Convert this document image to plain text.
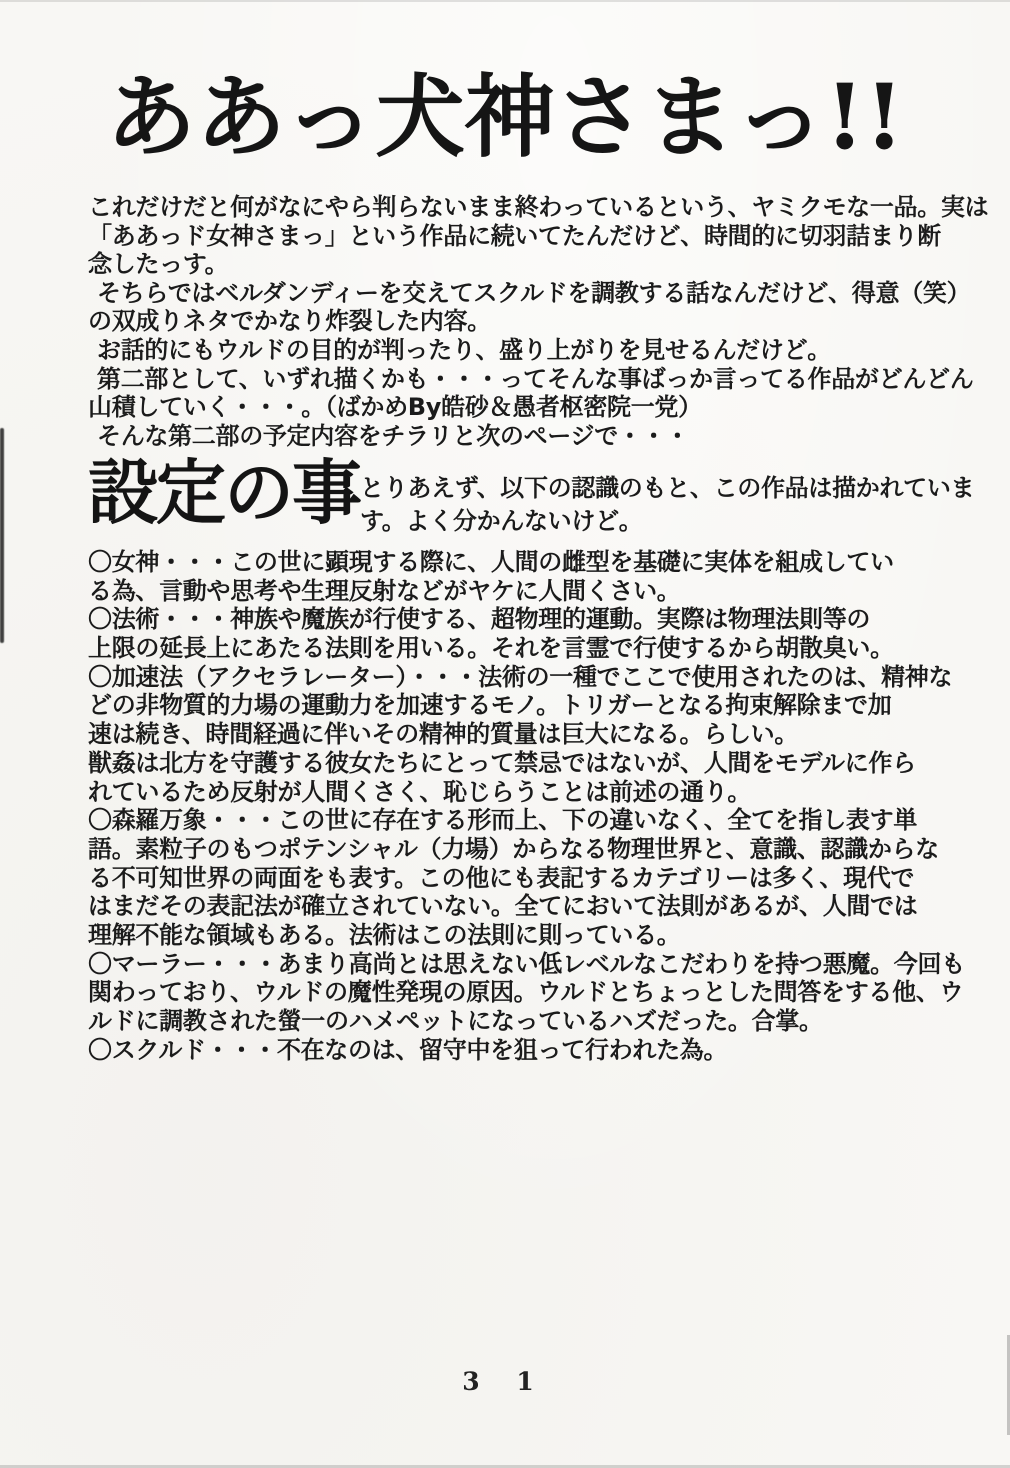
ああっ犬神さまっ!!
これだけだと何がなにやら判らないまま終わっているという、ヤミクモな一品。実は
「ああっド女神さまっ」という作品に続いてたんだけど、時間的に切羽詰まり断
念したっす。
そちらではベルダンディーを交えてスクルドを調教する話なんだけど、得意（笑）
の双成りネタでかなり炸裂した内容。
お話的にもウルドの目的が判ったり、盛り上がりを見せるんだけど。
第二部として、いずれ描くかも・・・ってそんな事ばっか言ってる作品がどんどん
山積していく・・・。（ばかめBy皓砂＆愚者枢密院一党）
そんな第二部の予定内容をチラリと次のページで・・・
設定の事 とりあえず、以下の認識のもと、この作品は描かれていま
す。よく分かんないけど。
〇女神・・・この世に顕現する際に、人間の雌型を基礎に実体を組成してい
る為、言動や思考や生理反射などがヤケに人間くさい。
〇法術・・・神族や魔族が行使する、超物理的運動。実際は物理法則等の
上限の延長上にあたる法則を用いる。それを言霊で行使するから胡散臭い。
〇加速法（アクセラレーター）・・・法術の一種でここで使用されたのは、精神な
どの非物質的力場の運動力を加速するモノ。トリガーとなる拘束解除まで加
速は続き、時間経過に伴いその精神的質量は巨大になる。らしい。
獣姦は北方を守護する彼女たちにとって禁忌ではないが、人間をモデルに作ら
れているため反射が人間くさく、恥じらうことは前述の通り。
〇森羅万象・・・この世に存在する形而上、下の違いなく、全てを指し表す単
語。素粒子のもつポテンシャル（力場）からなる物理世界と、意識、認識からな
る不可知世界の両面をも表す。この他にも表記するカテゴリーは多く、現代で
はまだその表記法が確立されていない。全てにおいて法則があるが、人間では
理解不能な領域もある。法術はこの法則に則っている。
〇マーラー・・・あまり高尚とは思えない低レベルなこだわりを持つ悪魔。今回も
関わっており、ウルドの魔性発現の原因。ウルドとちょっとした問答をする他、ウ
ルドに調教された螢一のハメペットになっているハズだった。合掌。
〇スクルド・・・不在なのは、留守中を狙って行われた為。
3 1
